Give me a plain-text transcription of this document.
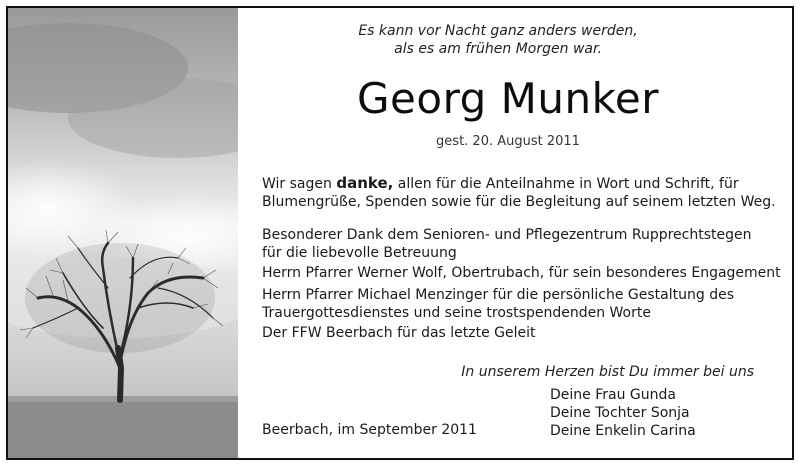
Es kann vor Nacht ganz anders werden,
als es am frühen Morgen war.
Georg Munker
gest. 20. August 2011
Wir sagen danke, allen für die Anteilnahme in Wort und Schrift, für
Blumengrüße, Spenden sowie für die Begleitung auf seinem letzten Weg.
Besonderer Dank dem Senioren- und Pflegezentrum Rupprechtstegen
für die liebevolle Betreuung
Herrn Pfarrer Werner Wolf, Obertrubach, für sein besonderes Engagement
Herrn Pfarrer Michael Menzinger für die persönliche Gestaltung des
Trauergottesdienstes und seine trostspendenden Worte
Der FFW Beerbach für das letzte Geleit
In unserem Herzen bist Du immer bei uns
Deine Frau Gunda
Deine Tochter Sonja
Deine Enkelin Carina
Beerbach, im September 2011
